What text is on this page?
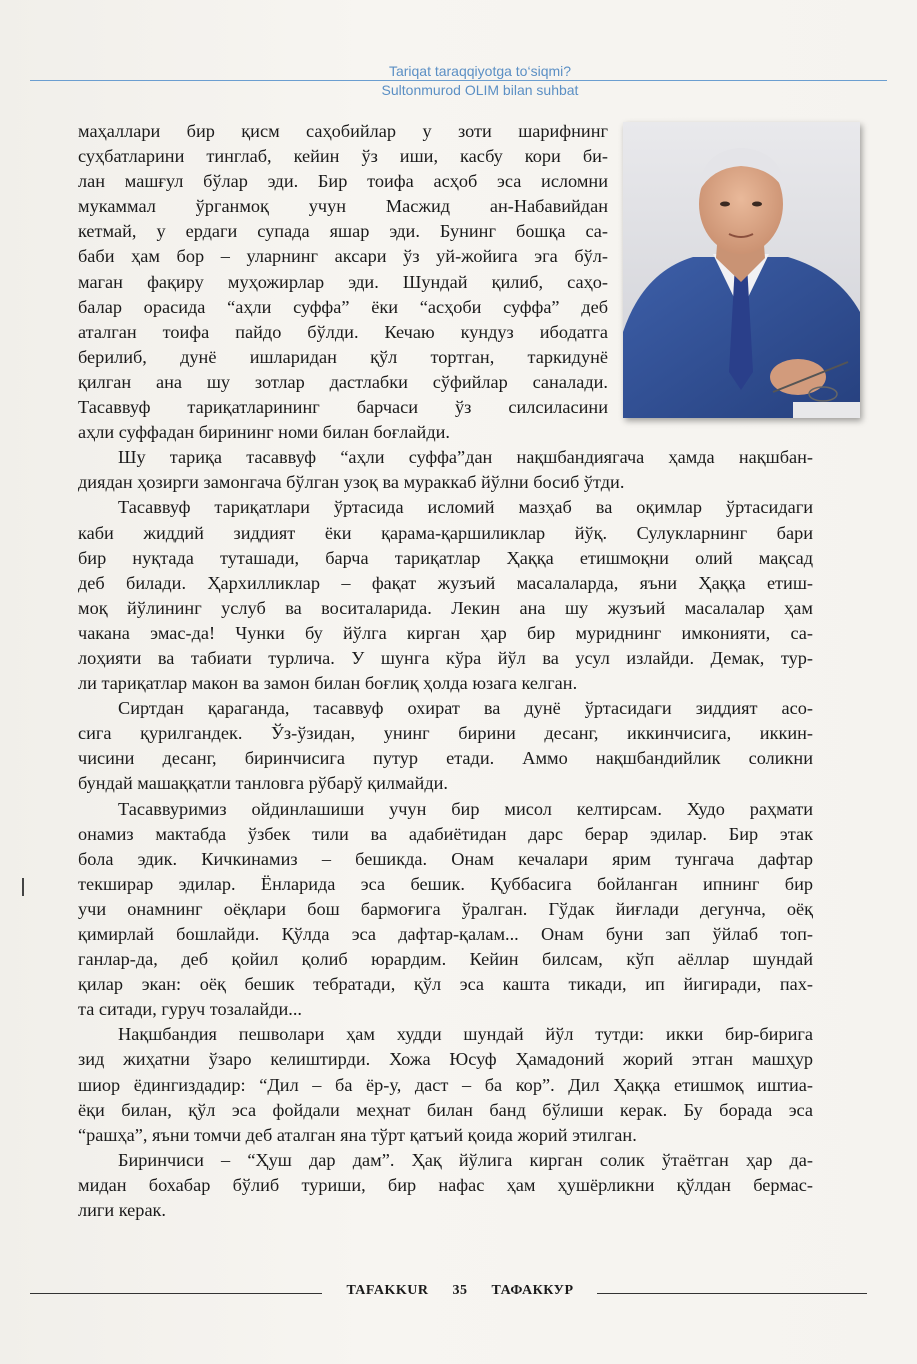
Tariqat taraqqiyotga to‘siqmi?
Sultonmurod OLIM bilan suhbat
маҳаллари бир қисм саҳобийлар у зоти шарифнинг
суҳбатларини тинглаб, кейин ўз иши, касбу кори би-
лан машғул бўлар эди. Бир тоифа асҳоб эса исломни
мукаммал ўрганмоқ учун Масжид ан-Набавийдан
кетмай, у ердаги супада яшар эди. Бунинг бошқа са-
баби ҳам бор – уларнинг аксари ўз уй-жойига эга бўл-
маган фақиру муҳожирлар эди. Шундай қилиб, саҳо-
балар орасида “аҳли суффа” ёки “асҳоби суффа” деб
аталган тоифа пайдо бўлди. Кечаю кундуз ибодатга
берилиб, дунё ишларидан қўл тортган, таркидунё
қилган ана шу зотлар дастлабки сўфийлар саналади.
Тасаввуф тариқатларининг барчаси ўз силсиласини
аҳли суффадан бирининг номи билан боғлайди.
Шу тариқа тасаввуф “аҳли суффа”дан нақшбандиягача ҳамда нақшбан-
диядан ҳозирги замонгача бўлган узоқ ва мураккаб йўлни босиб ўтди.
Тасаввуф тариқатлари ўртасида исломий мазҳаб ва оқимлар ўртасидаги
каби жиддий зиддият ёки қарама-қаршиликлар йўқ. Сулукларнинг бари
бир нуқтада туташади, барча тариқатлар Ҳаққа етишмоқни олий мақсад
деб билади. Ҳархилликлар – фақат жузъий масалаларда, яъни Ҳаққа етиш-
моқ йўлининг услуб ва воситаларида. Лекин ана шу жузъий масалалар ҳам
чакана эмас-да! Чунки бу йўлга кирган ҳар бир муриднинг имконияти, са-
лоҳияти ва табиати турлича. У шунга кўра йўл ва усул излайди. Демак, тур-
ли тариқатлар макон ва замон билан боғлиқ ҳолда юзага келган.
Сиртдан қараганда, тасаввуф охират ва дунё ўртасидаги зиддият асо-
сига қурилгандек. Ўз-ўзидан, унинг бирини десанг, иккинчисига, иккин-
чисини десанг, биринчисига путур етади. Аммо нақшбандийлик соликни
бундай машаққатли танловга рўбарў қилмайди.
Тасаввуримиз ойдинлашиши учун бир мисол келтирсам. Худо раҳмати
онамиз мактабда ўзбек тили ва адабиётидан дарс берар эдилар. Бир этак
бола эдик. Кичкинамиз – бешикда. Онам кечалари ярим тунгача дафтар
текширар эдилар. Ёнларида эса бешик. Қуббасига бойланган ипнинг бир
учи онамнинг оёқлари бош бармоғига ўралган. Гўдак йиғлади дегунча, оёқ
қимирлай бошлайди. Қўлда эса дафтар-қалам... Онам буни зап ўйлаб топ-
ганлар-да, деб қойил қолиб юрардим. Кейин билсам, кўп аёллар шундай
қилар экан: оёқ бешик тебратади, қўл эса кашта тикади, ип йигиради, пах-
та ситади, гуруч тозалайди...
Нақшбандия пешволари ҳам худди шундай йўл тутди: икки бир-бирига
зид жиҳатни ўзаро келиштирди. Хожа Юсуф Ҳамадоний жорий этган машҳур
шиор ёдингиздадир: “Дил – ба ёр-у, даст – ба кор”. Дил Ҳаққа етишмоқ иштиа-
ёқи билан, қўл эса фойдали меҳнат билан банд бўлиши керак. Бу борада эса
“рашҳа”, яъни томчи деб аталган яна тўрт қатъий қоида жорий этилган.
Биринчиси – “Ҳуш дар дам”. Ҳақ йўлига кирган солик ўтаётган ҳар да-
мидан бохабар бўлиб туриши, бир нафас ҳам ҳушёрликни қўлдан бермас-
лиги керак.
TAFAKKUR 35 ТАФАККУР
